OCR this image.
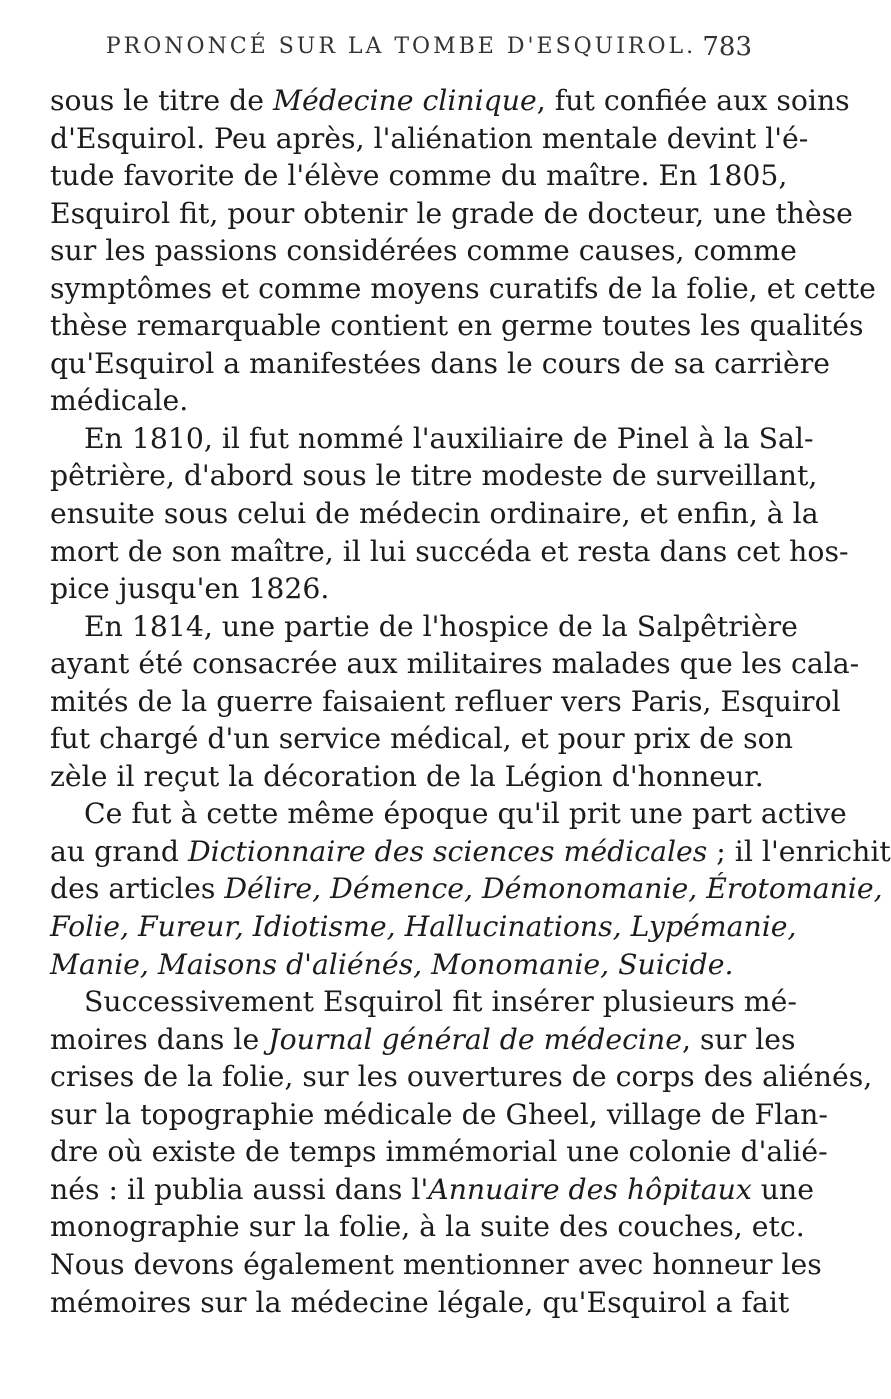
PRONONCÉ SUR LA TOMBE D'ESQUIROL. 783
sous le titre de Médecine clinique, fut confiée aux soins
d'Esquirol. Peu après, l'aliénation mentale devint l'é-
tude favorite de l'élève comme du maître. En 1805,
Esquirol fit, pour obtenir le grade de docteur, une thèse
sur les passions considérées comme causes, comme
symptômes et comme moyens curatifs de la folie, et cette
thèse remarquable contient en germe toutes les qualités
qu'Esquirol a manifestées dans le cours de sa carrière
médicale.
En 1810, il fut nommé l'auxiliaire de Pinel à la Sal-
pêtrière, d'abord sous le titre modeste de surveillant,
ensuite sous celui de médecin ordinaire, et enfin, à la
mort de son maître, il lui succéda et resta dans cet hos-
pice jusqu'en 1826.
En 1814, une partie de l'hospice de la Salpêtrière
ayant été consacrée aux militaires malades que les cala-
mités de la guerre faisaient refluer vers Paris, Esquirol
fut chargé d'un service médical, et pour prix de son
zèle il reçut la décoration de la Légion d'honneur.
Ce fut à cette même époque qu'il prit une part active
au grand Dictionnaire des sciences médicales ; il l'enrichit
des articles Délire, Démence, Démonomanie, Érotomanie,
Folie, Fureur, Idiotisme, Hallucinations, Lypémanie,
Manie, Maisons d'aliénés, Monomanie, Suicide.
Successivement Esquirol fit insérer plusieurs mé-
moires dans le Journal général de médecine, sur les
crises de la folie, sur les ouvertures de corps des aliénés,
sur la topographie médicale de Gheel, village de Flan-
dre où existe de temps immémorial une colonie d'alié-
nés : il publia aussi dans l'Annuaire des hôpitaux une
monographie sur la folie, à la suite des couches, etc.
Nous devons également mentionner avec honneur les
mémoires sur la médecine légale, qu'Esquirol a fait
